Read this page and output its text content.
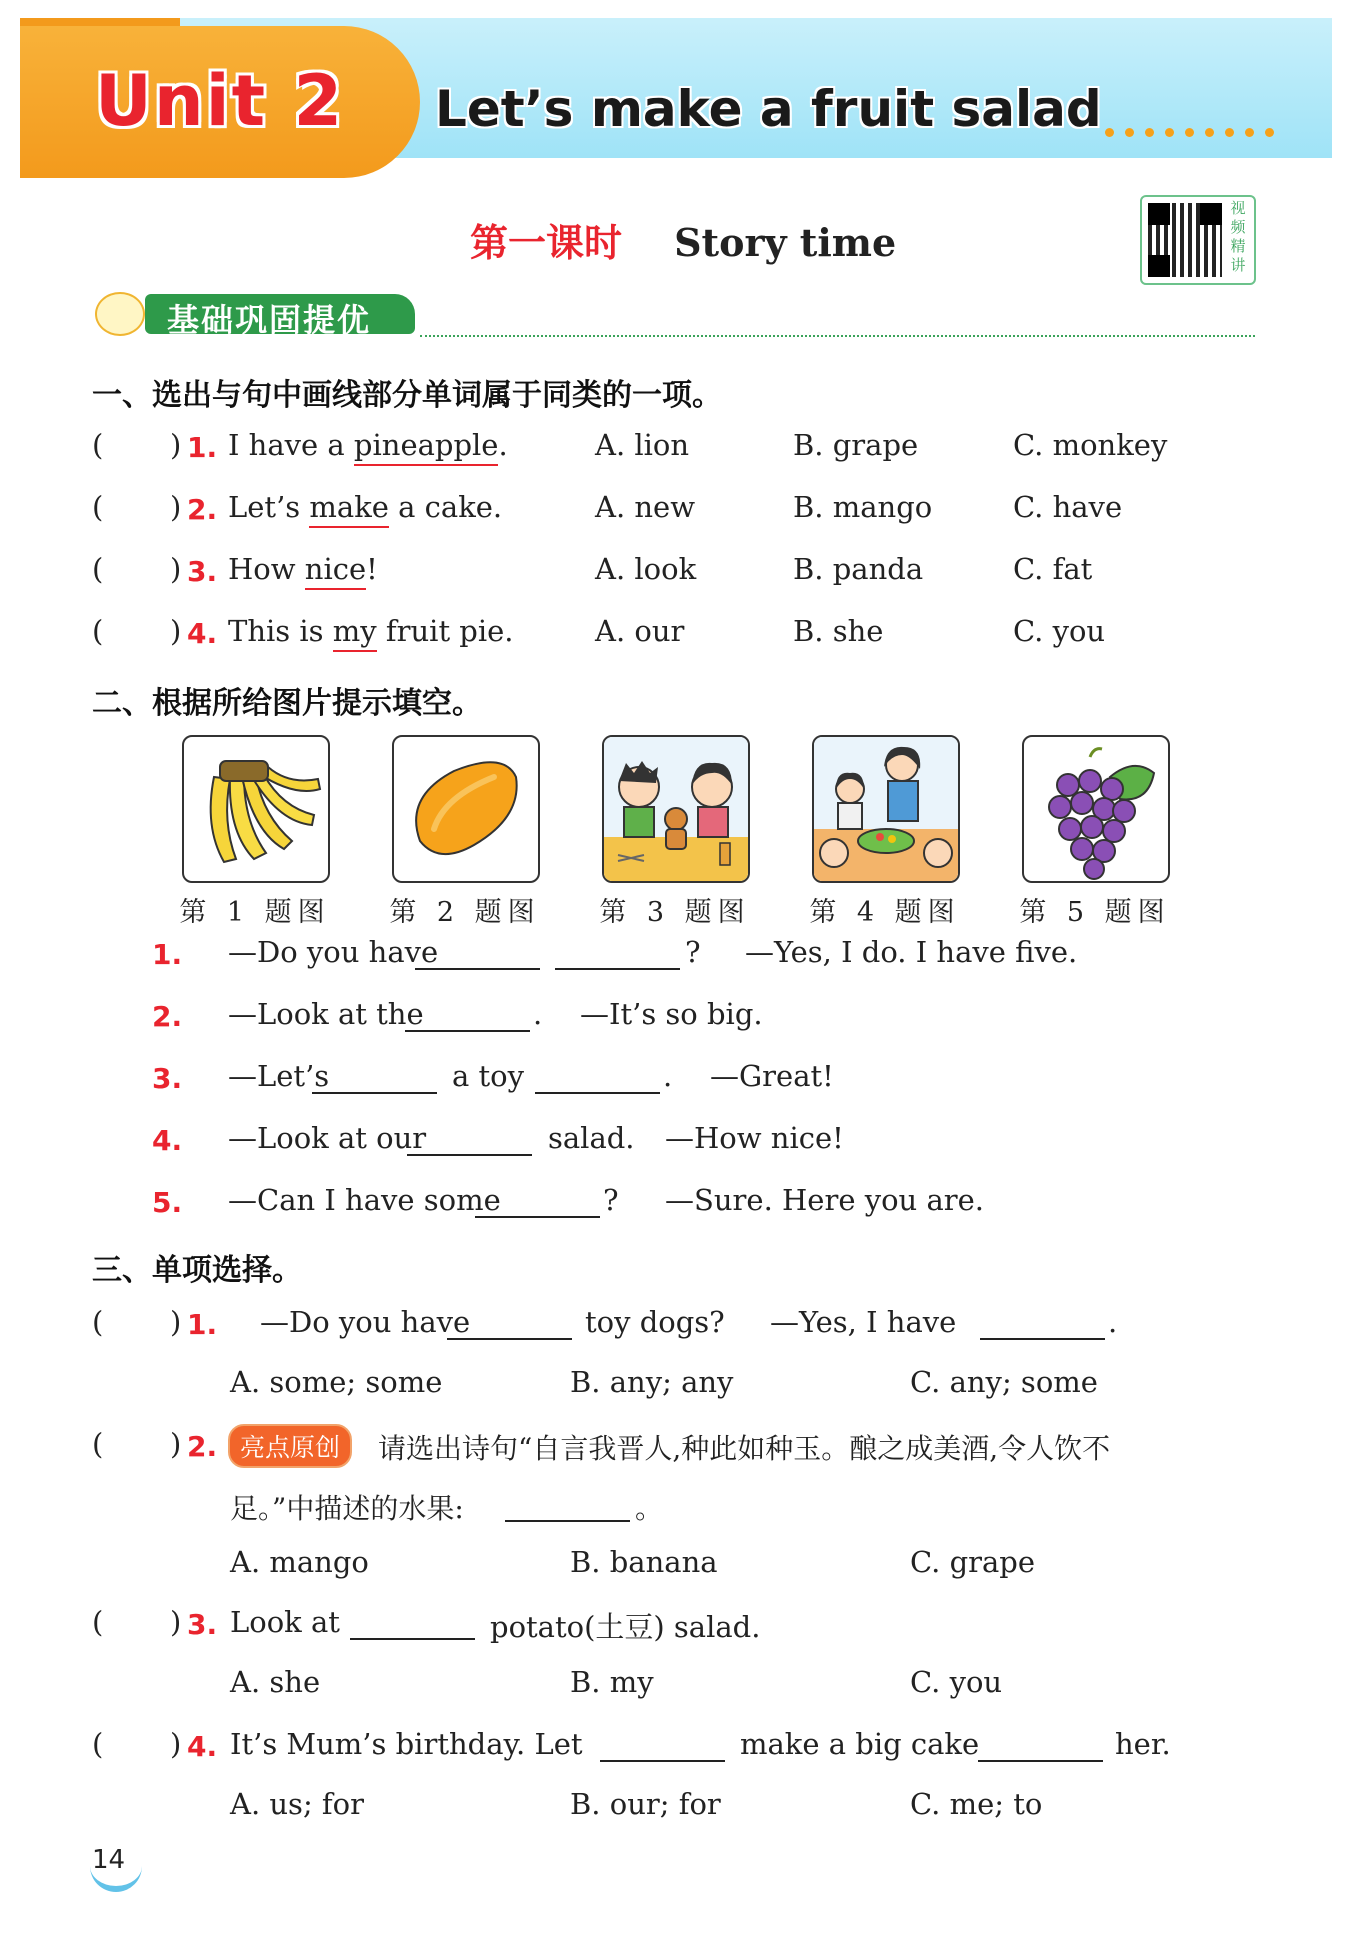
Unit 2 Let’s make a fruit salad
第一课时 Story time
视频精讲
基础巩固提优
一、选出与句中画线部分单词属于同类的一项。
( ) 1. I have a pineapple.	A. lion	B. grape	C. monkey
( ) 2. Let’s make a cake.	A. new	B. mango	C. have
( ) 3. How nice!	A. look	B. panda	C. fat
( ) 4. This is my fruit pie.	A. our	B. she	C. you
二、根据所给图片提示填空。
第 1 题图	第 2 题图	第 3 题图	第 4 题图	第 5 题图
1. —Do you have	? —Yes, I do. I have five.
2. —Look at the	. —It’s so big.
3. —Let’s	a toy	. —Great!
4. —Look at our	salad. —How nice!
5. —Can I have some	? —Sure. Here you are.
三、单项选择。
( ) 1. —Do you have	toy dogs? —Yes, I have	.
A. some; some	B. any; any	C. any; some
( ) 2. 亮点原创	请选出诗句“自言我晋人,种此如种玉。酿之成美酒,令人饮不
足。”中描述的水果:	。
A. mango	B. banana	C. grape
( ) 3. Look at	potato(土豆) salad.
A. she	B. my	C. you
( ) 4. It’s Mum’s birthday. Let	make a big cake	her.
A. us; for	B. our; for	C. me; to
14
